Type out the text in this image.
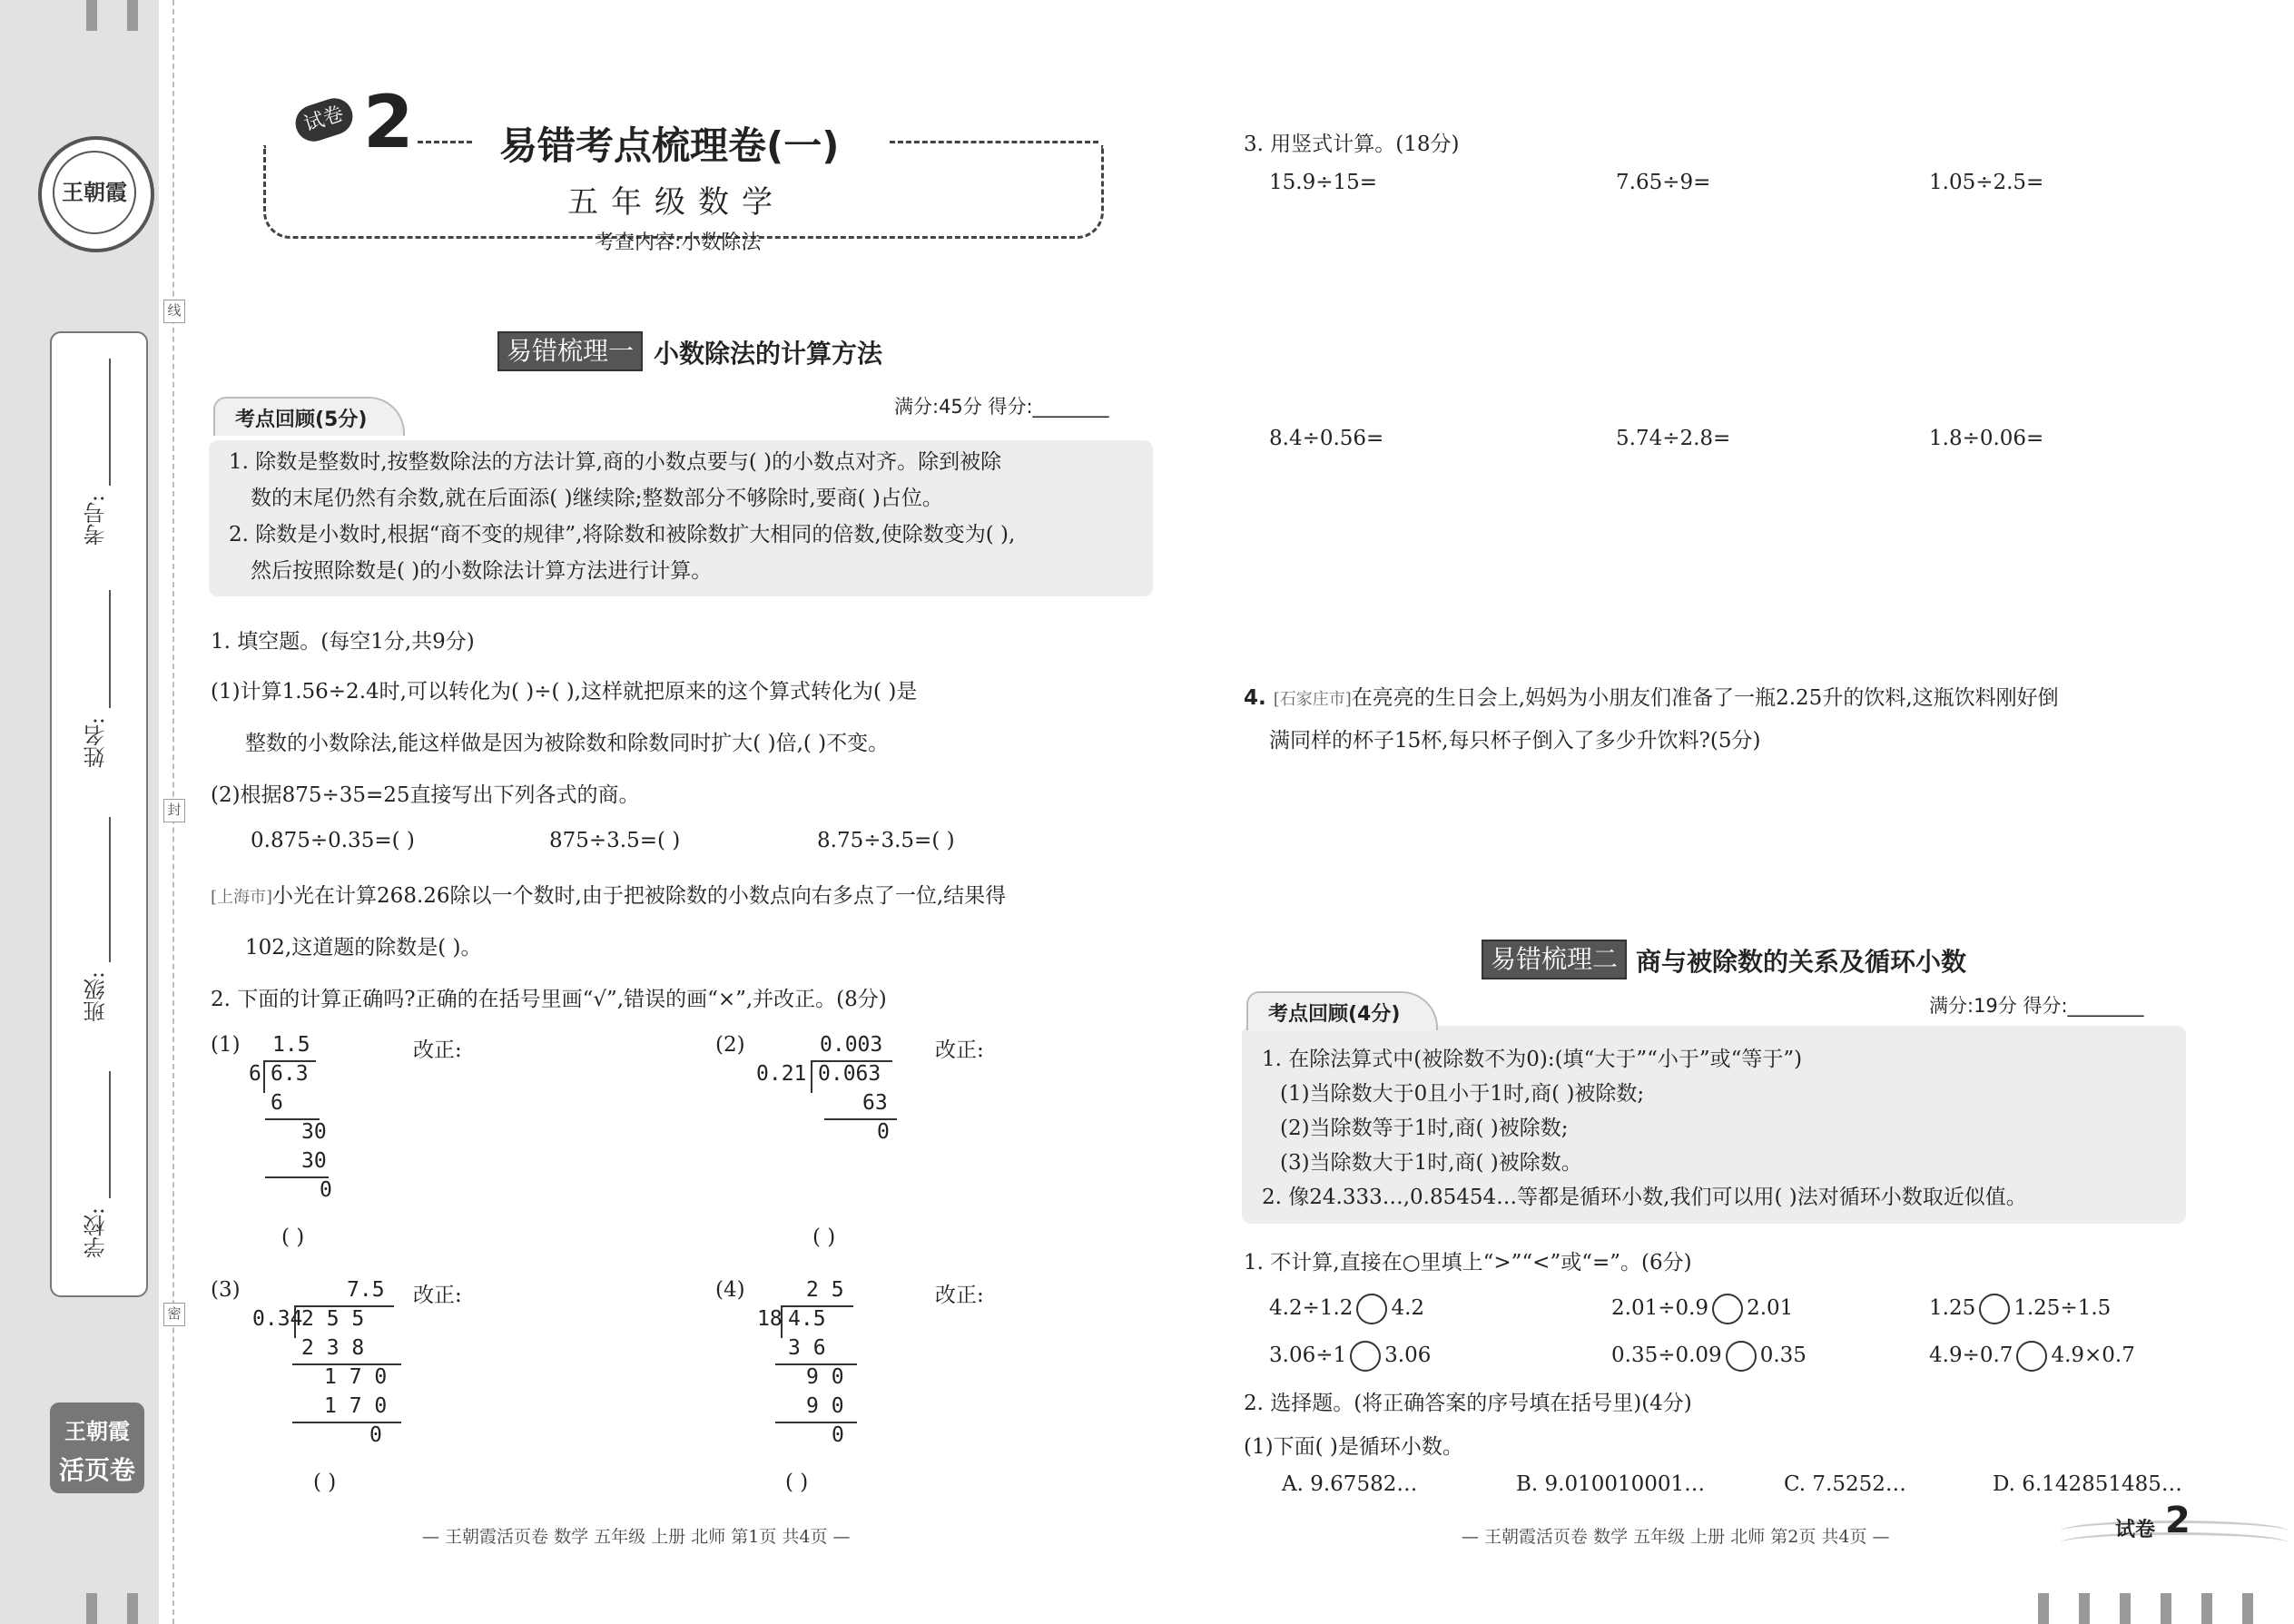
线
封
密
王朝霞
考号:
姓名:
班级:
学校:
王朝霞
活页卷
试卷 2 易错考点梳理卷(一)
五年级数学
考查内容:小数除法
易错梳理一 小数除法的计算方法
考点回顾(5分)
满分:45分 得分:________
1. 除数是整数时,按整数除法的方法计算,商的小数点要与( )的小数点对齐。除到被除
数的末尾仍然有余数,就在后面添( )继续除;整数部分不够除时,要商( )占位。
2. 除数是小数时,根据“商不变的规律”,将除数和被除数扩大相同的倍数,使除数变为( ),
然后按照除数是( )的小数除法计算方法进行计算。
1. 填空题。(每空1分,共9分)
(1)计算1.56÷2.4时,可以转化为( )÷( ),这样就把原来的这个算式转化为( )是
整数的小数除法,能这样做是因为被除数和除数同时扩大( )倍,( )不变。
(2)根据875÷35=25直接写出下列各式的商。
0.875÷0.35=( )	875÷3.5=( )	8.75÷3.5=( )
[上海市]小光在计算268.26除以一个数时,由于把被除数的小数点向右多点了一位,结果得
102,这道题的除数是( )。
2. 下面的计算正确吗?正确的在括号里画“√”,错误的画“×”,并改正。(8分)
(1) 1.5
6 6.3
6
30
30
0
改正:
( )
(2)	0.003
0.21 0.063
63
0
改正:
( )
(3)	7.5
0.34
2 5 5
2 3 8
1 7 0
1 7 0
0
改正:
( )
(4)	2 5
18 4.5
3 6
9 0
9 0
0
改正:
( )
— 王朝霞活页卷 数学 五年级 上册 北师 第1页 共4页 —
3. 用竖式计算。(18分)
15.9÷15=	7.65÷9=	1.05÷2.5=
8.4÷0.56=	5.74÷2.8=	1.8÷0.06=
4. [石家庄市]在亮亮的生日会上,妈妈为小朋友们准备了一瓶2.25升的饮料,这瓶饮料刚好倒
满同样的杯子15杯,每只杯子倒入了多少升饮料?(5分)
易错梳理二 商与被除数的关系及循环小数
考点回顾(4分)	满分:19分 得分:________
1. 在除法算式中(被除数不为0):(填“大于”“小于”或“等于”)
(1)当除数大于0且小于1时,商( )被除数;
(2)当除数等于1时,商( )被除数;
(3)当除数大于1时,商( )被除数。
2. 像24.333…,0.85454…等都是循环小数,我们可以用( )法对循环小数取近似值。
1. 不计算,直接在○里填上“>”“<”或“=”。(6分)
4.2÷1.2 4.2	2.01÷0.9 2.01	1.25 1.25÷1.5
3.06÷1 3.06	0.35÷0.09 0.35	4.9÷0.7 4.9×0.7
2. 选择题。(将正确答案的序号填在括号里)(4分)
(1)下面( )是循环小数。
A. 9.67582…	B. 9.010010001…	C. 7.5252…	D. 6.142851485…
— 王朝霞活页卷 数学 五年级 上册 北师 第2页 共4页 —	试卷 2
